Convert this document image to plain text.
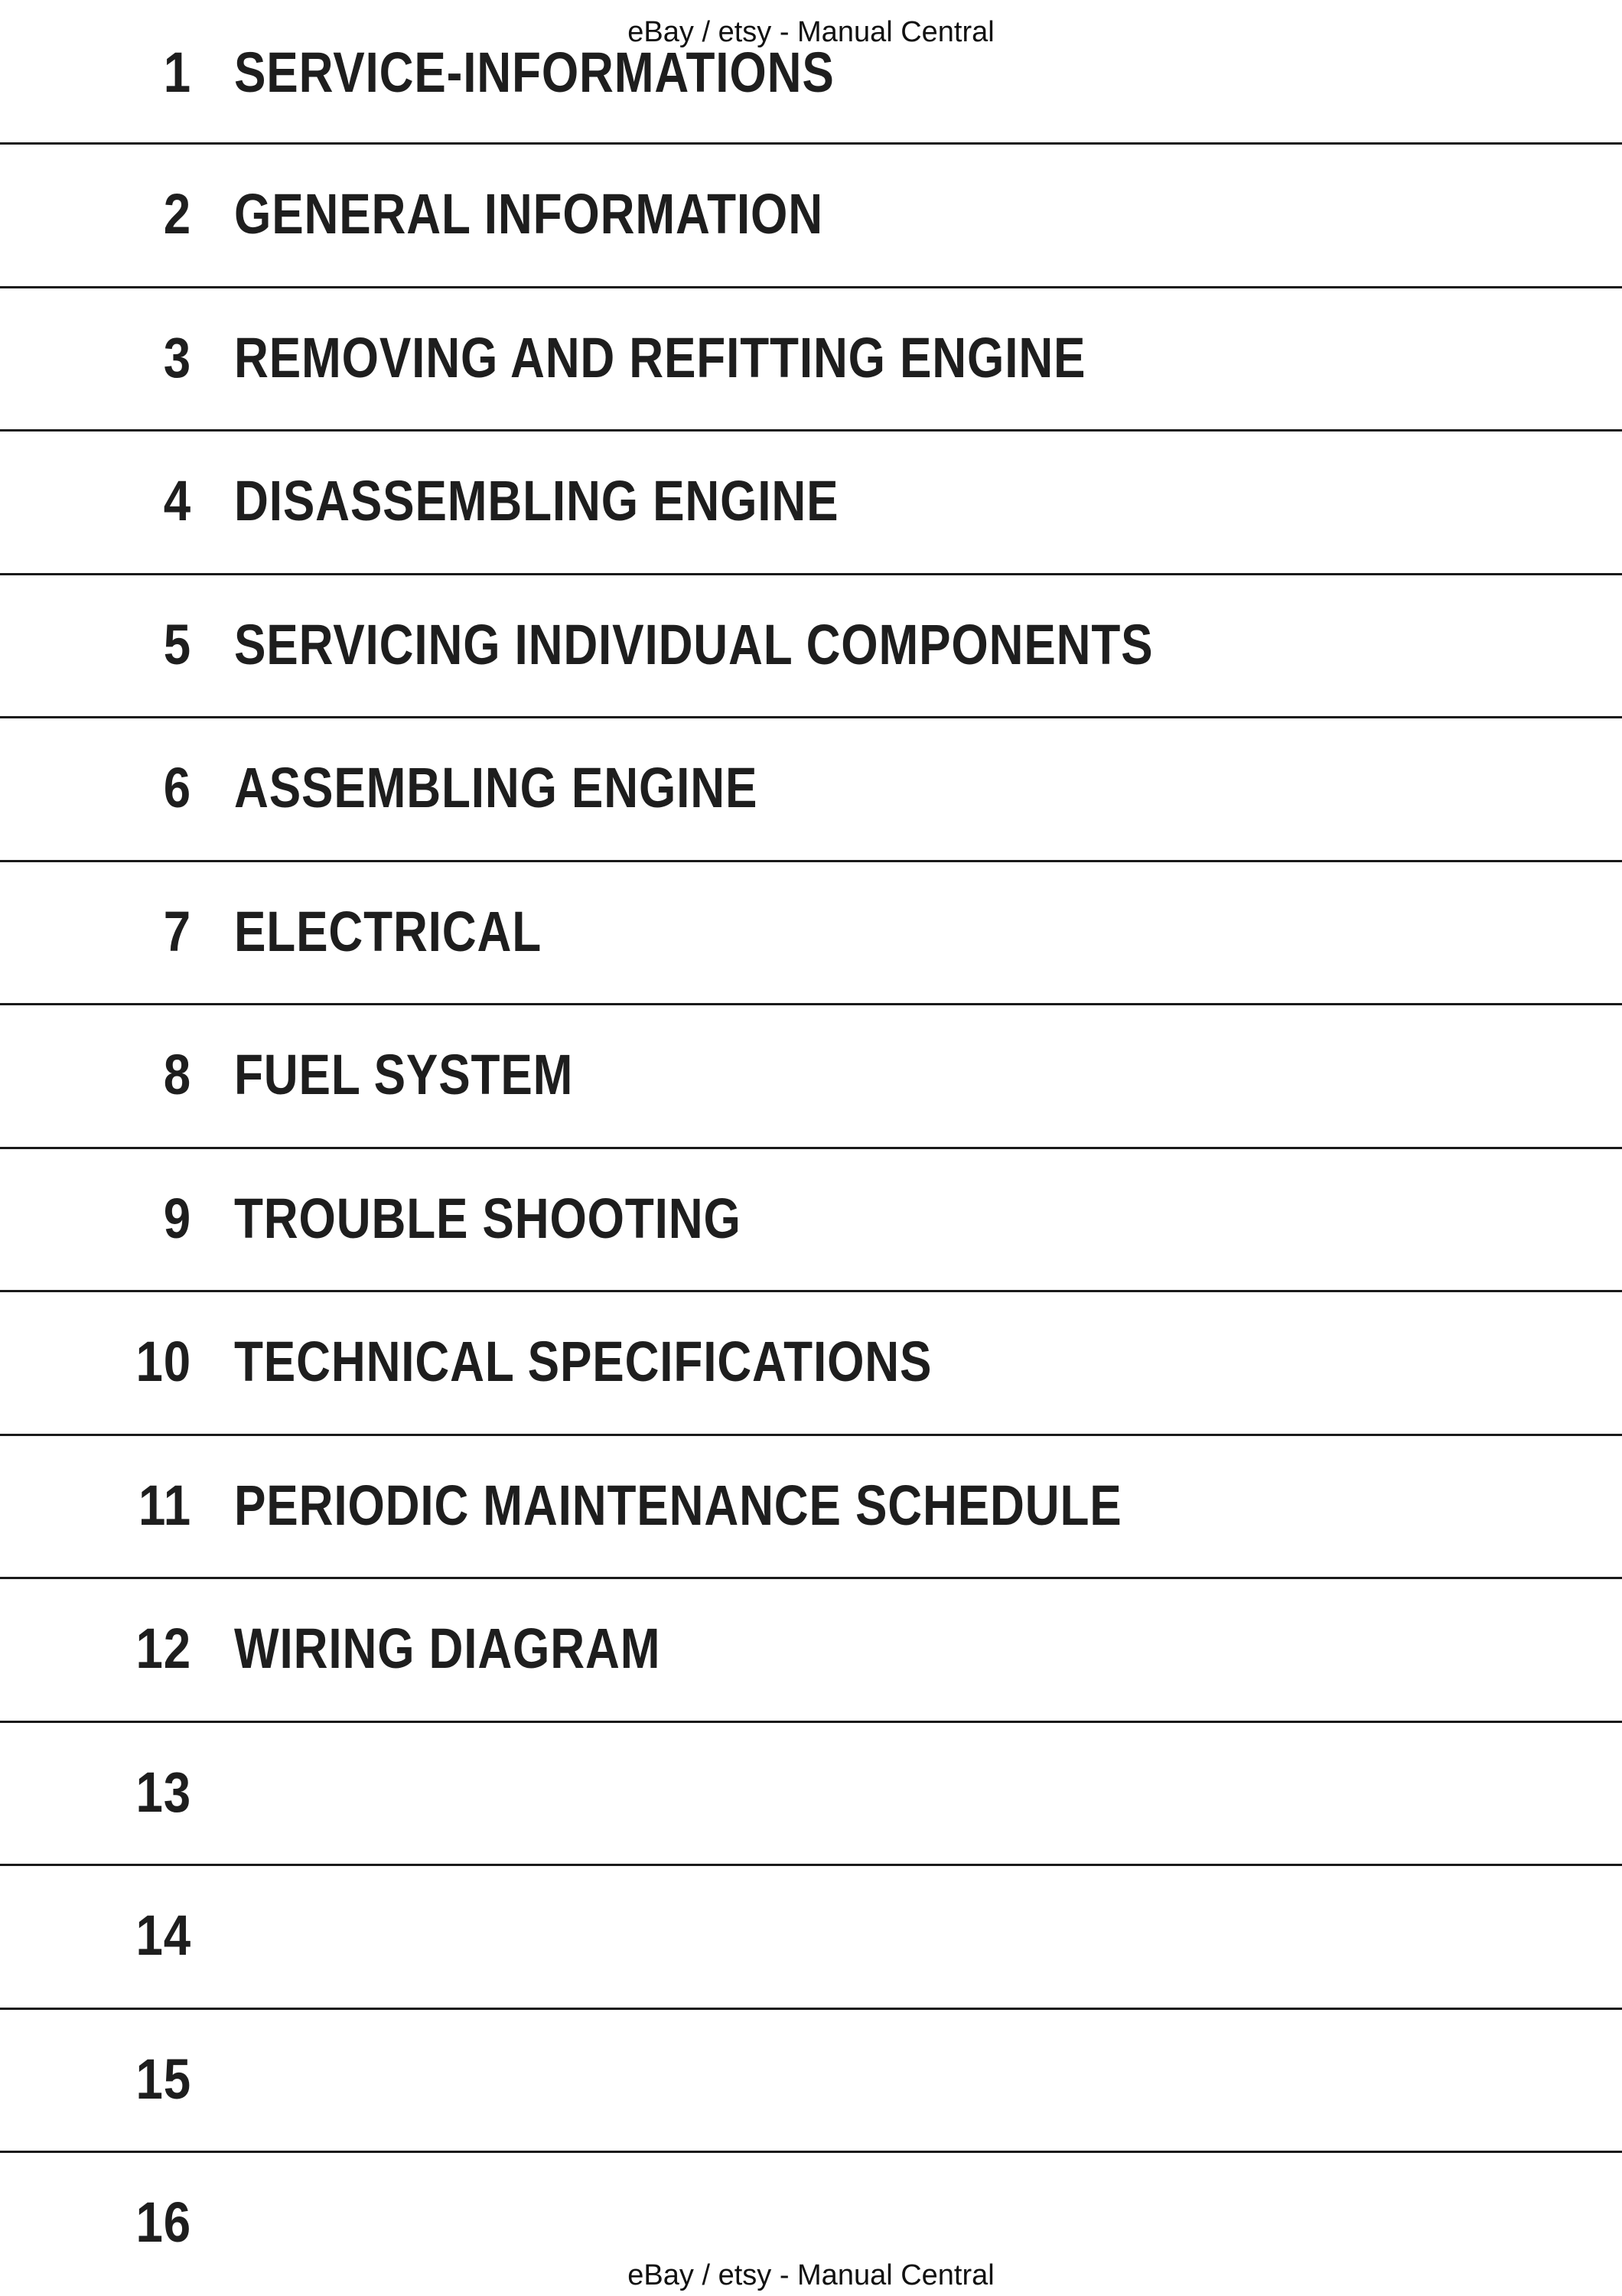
eBay / etsy - Manual Central
1 SERVICE-INFORMATIONS
2 GENERAL INFORMATION
3 REMOVING AND REFITTING ENGINE
4 DISASSEMBLING ENGINE
5 SERVICING INDIVIDUAL COMPONENTS
6 ASSEMBLING ENGINE
7 ELECTRICAL
8 FUEL SYSTEM
9 TROUBLE SHOOTING
10 TECHNICAL SPECIFICATIONS
11 PERIODIC MAINTENANCE SCHEDULE
12 WIRING DIAGRAM
13
14
15
16
eBay / etsy - Manual Central
